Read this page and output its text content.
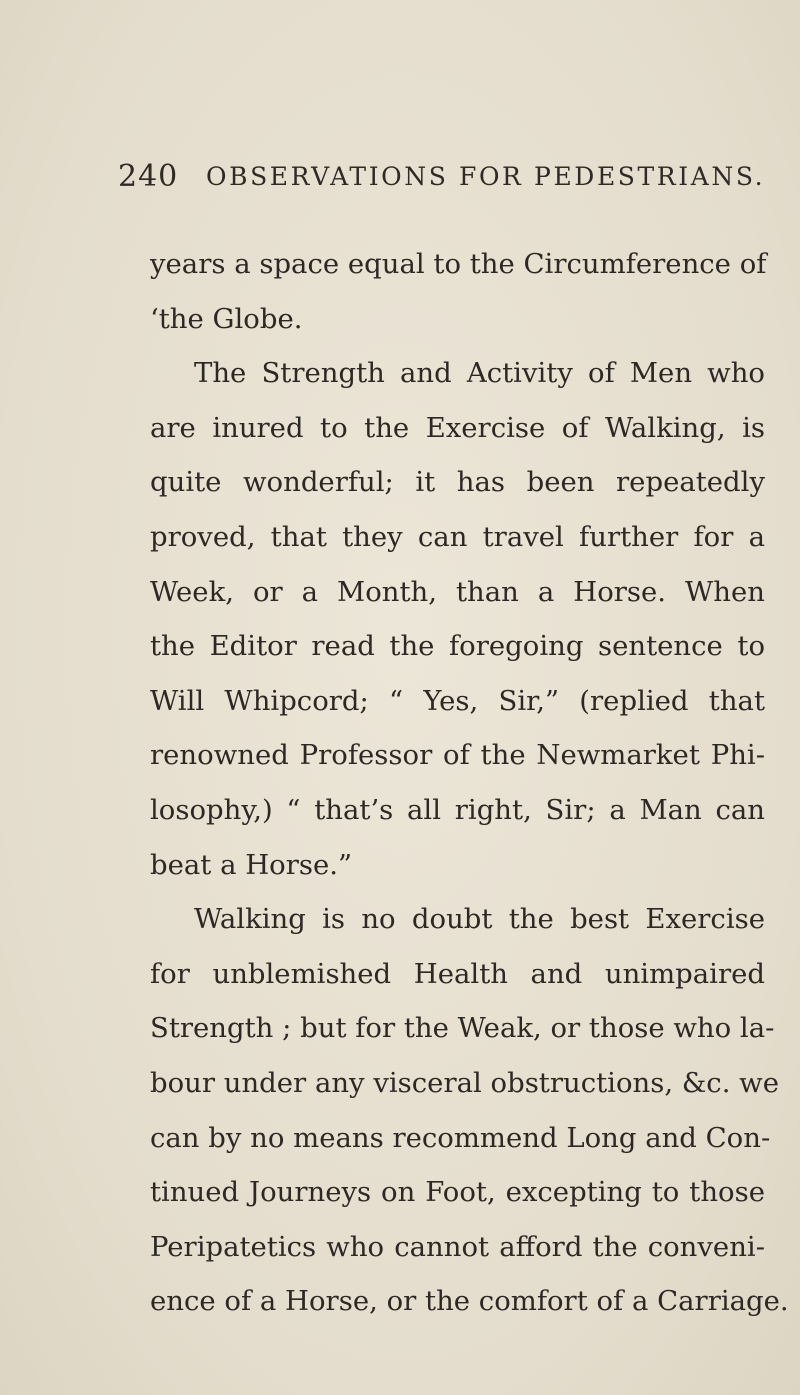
240 OBSERVATIONS FOR PEDESTRIANS.
years a space equal to the Circumference of
‘the Globe.
The Strength and Activity of Men who
are inured to the Exercise of Walking, is
quite wonderful; it has been repeatedly
proved, that they can travel further for a
Week, or a Month, than a Horse. When
the Editor read the foregoing sentence to
Will Whipcord; “ Yes, Sir,” (replied that
renowned Professor of the Newmarket Phi-
losophy,) “ that’s all right, Sir; a Man can
beat a Horse.”
Walking is no doubt the best Exercise
for unblemished Health and unimpaired
Strength ; but for the Weak, or those who la-
bour under any visceral obstructions, &c. we
can by no means recommend Long and Con-
tinued Journeys on Foot, excepting to those
Peripatetics who cannot afford the conveni-
ence of a Horse, or the comfort of a Carriage.
